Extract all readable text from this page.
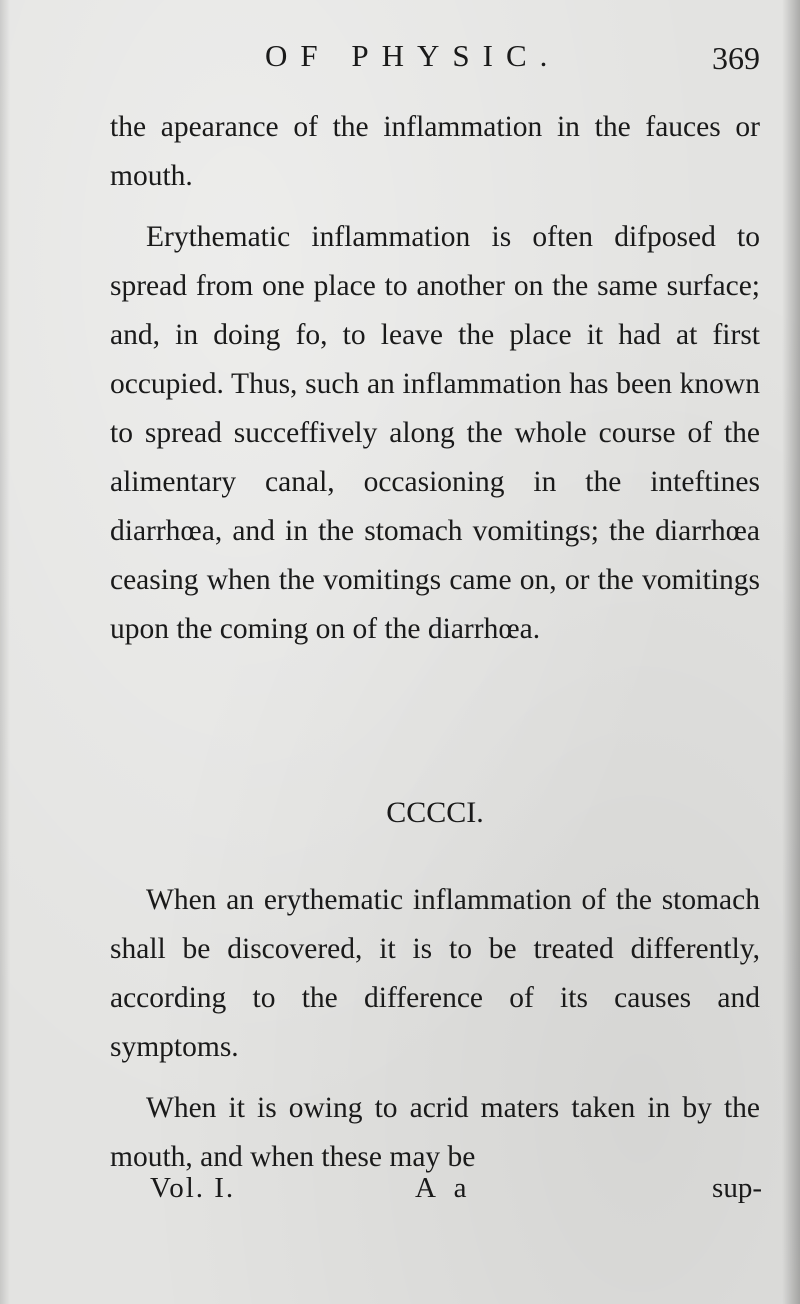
OF PHYSIC.	369

the apearance of the inflammation in the fauces or mouth.

Erythematic inflammation is often difposed to spread from one place to another on the same surface; and, in doing fo, to leave the place it had at first occupied. Thus, such an inflammation has been known to spread succeffively along the whole course of the alimentary canal, occasioning in the inteftines diarrhœa, and in the stomach vomitings; the diarrhœa ceasing when the vomitings came on, or the vomitings upon the coming on of the diarrhœa.

CCCCI.

When an erythematic inflammation of the stomach shall be discovered, it is to be treated differently, according to the difference of its causes and symptoms.

When it is owing to acrid maters taken in by the mouth, and when these may be

Vol. I.	A a	sup-
